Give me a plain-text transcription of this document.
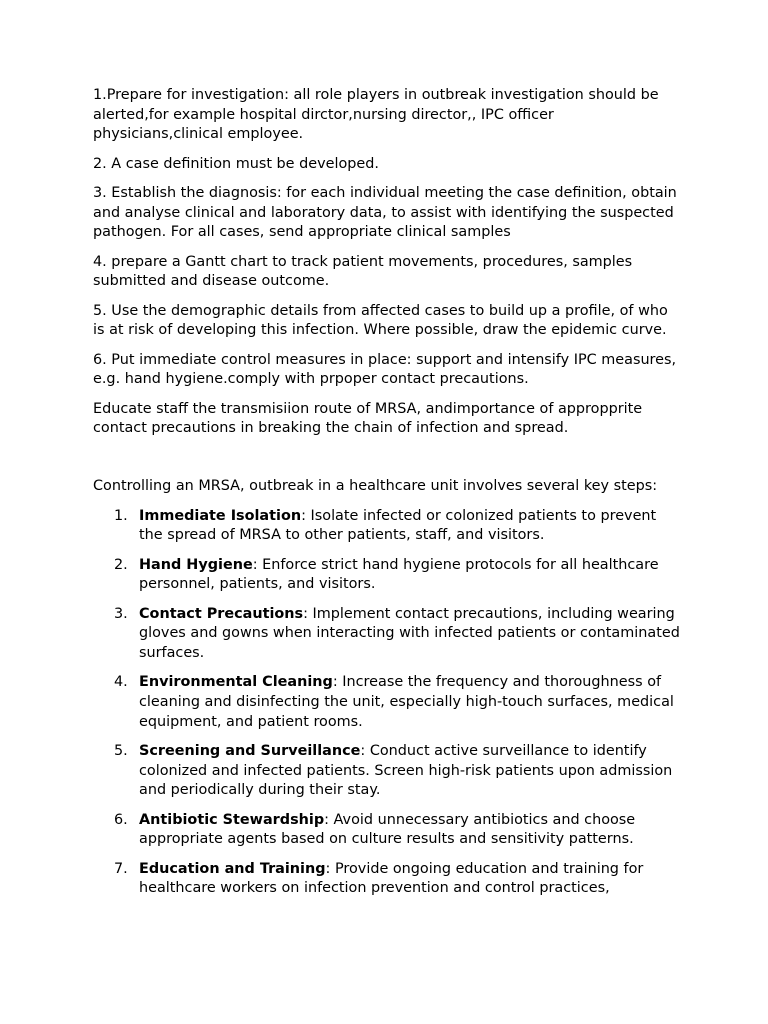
1.Prepare for investigation: all role players in outbreak investigation should be alerted,for example hospital dirctor,nursing director,, IPC officer physicians,clinical employee.

2. A case definition must be developed.

3. Establish the diagnosis: for each individual meeting the case definition, obtain and analyse clinical and laboratory data, to assist with identifying the suspected pathogen. For all cases, send appropriate clinical samples

4. prepare a Gantt chart to track patient movements, procedures, samples submitted and disease outcome.

5. Use the demographic details from affected cases to build up a profile, of who is at risk of developing this infection. Where possible, draw the epidemic curve.

6. Put immediate control measures in place: support and intensify IPC measures, e.g. hand hygiene.comply with prpoper contact precautions.

Educate staff the transmisiion route of MRSA, andimportance of appropprite contact precautions in breaking the chain of infection and spread.

Controlling an MRSA, outbreak in a healthcare unit involves several key steps:

1. Immediate Isolation: Isolate infected or colonized patients to prevent the spread of MRSA to other patients, staff, and visitors.
2. Hand Hygiene: Enforce strict hand hygiene protocols for all healthcare personnel, patients, and visitors.
3. Contact Precautions: Implement contact precautions, including wearing gloves and gowns when interacting with infected patients or contaminated surfaces.
4. Environmental Cleaning: Increase the frequency and thoroughness of cleaning and disinfecting the unit, especially high-touch surfaces, medical equipment, and patient rooms.
5. Screening and Surveillance: Conduct active surveillance to identify colonized and infected patients. Screen high-risk patients upon admission and periodically during their stay.
6. Antibiotic Stewardship: Avoid unnecessary antibiotics and choose appropriate agents based on culture results and sensitivity patterns.
7. Education and Training: Provide ongoing education and training for healthcare workers on infection prevention and control practices,
